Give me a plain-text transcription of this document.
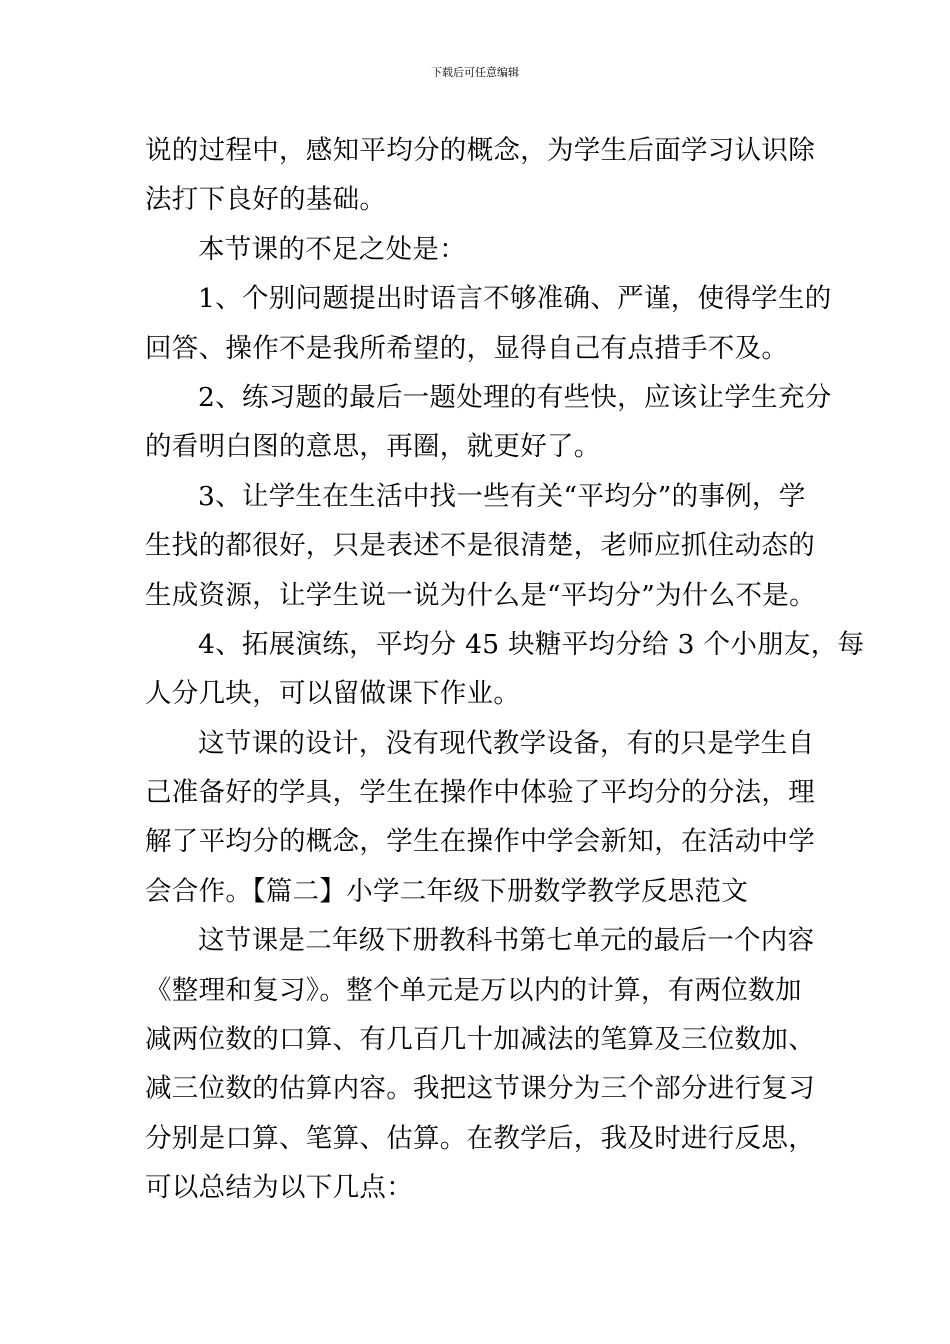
下载后可任意编辑
说的过程中，感知平均分的概念，为学生后面学习认识除
法打下良好的基础。
本节课的不足之处是：
1、个别问题提出时语言不够准确、严谨，使得学生的
回答、操作不是我所希望的，显得自己有点措手不及。
2、练习题的最后一题处理的有些快，应该让学生充分
的看明白图的意思，再圈，就更好了。
3、让学生在生活中找一些有关“平均分”的事例，学
生找的都很好，只是表述不是很清楚，老师应抓住动态的
生成资源，让学生说一说为什么是“平均分”为什么不是。
4、拓展演练，平均分 45 块糖平均分给 3 个小朋友，每
人分几块，可以留做课下作业。
这节课的设计，没有现代教学设备，有的只是学生自
己准备好的学具，学生在操作中体验了平均分的分法，理
解了平均分的概念，学生在操作中学会新知，在活动中学
会合作。【篇二】小学二年级下册数学教学反思范文
这节课是二年级下册教科书第七单元的最后一个内容
《整理和复习》。整个单元是万以内的计算，有两位数加
减两位数的口算、有几百几十加减法的笔算及三位数加、
减三位数的估算内容。我把这节课分为三个部分进行复习
分别是口算、笔算、估算。在教学后，我及时进行反思，
可以总结为以下几点：
